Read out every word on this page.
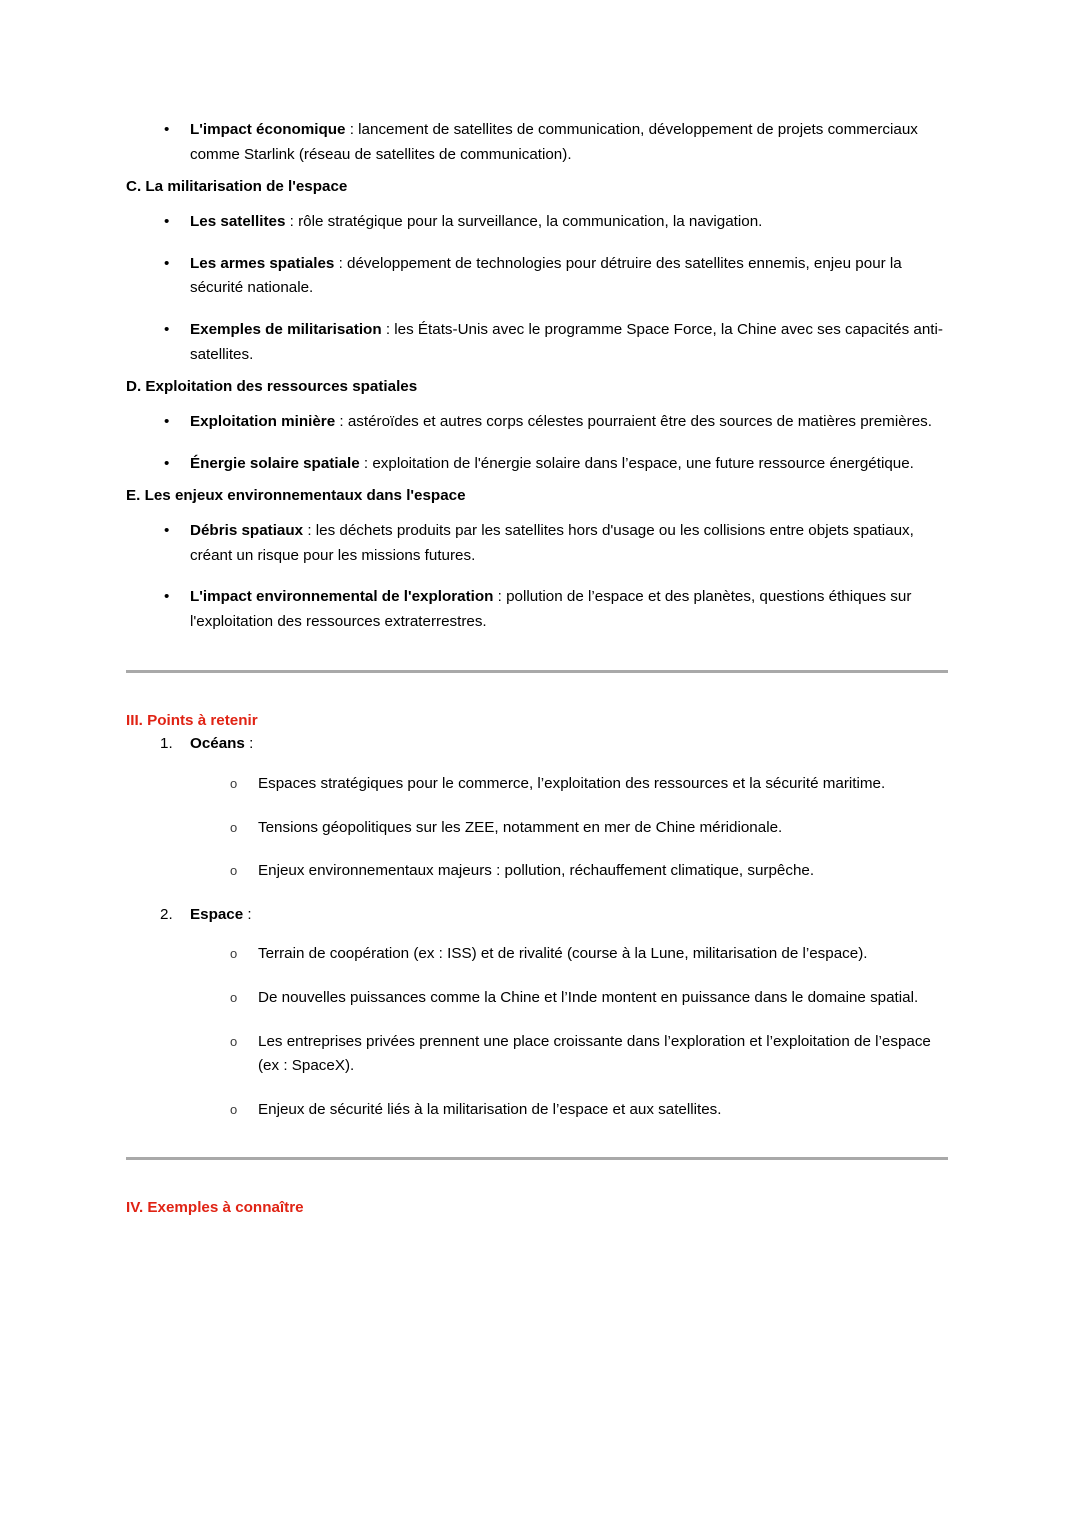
• L'impact économique : lancement de satellites de communication, développement de projets commerciaux comme Starlink (réseau de satellites de communication).
C. La militarisation de l'espace
• Les satellites : rôle stratégique pour la surveillance, la communication, la navigation.
• Les armes spatiales : développement de technologies pour détruire des satellites ennemis, enjeu pour la sécurité nationale.
• Exemples de militarisation : les États-Unis avec le programme Space Force, la Chine avec ses capacités anti-satellites.
D. Exploitation des ressources spatiales
• Exploitation minière : astéroïdes et autres corps célestes pourraient être des sources de matières premières.
• Énergie solaire spatiale : exploitation de l'énergie solaire dans l’espace, une future ressource énergétique.
E. Les enjeux environnementaux dans l'espace
• Débris spatiaux : les déchets produits par les satellites hors d'usage ou les collisions entre objets spatiaux, créant un risque pour les missions futures.
• L'impact environnemental de l'exploration : pollution de l’espace et des planètes, questions éthiques sur l'exploitation des ressources extraterrestres.
III. Points à retenir
1. Océans :
o Espaces stratégiques pour le commerce, l’exploitation des ressources et la sécurité maritime.
o Tensions géopolitiques sur les ZEE, notamment en mer de Chine méridionale.
o Enjeux environnementaux majeurs : pollution, réchauffement climatique, surpêche.
2. Espace :
o Terrain de coopération (ex : ISS) et de rivalité (course à la Lune, militarisation de l’espace).
o De nouvelles puissances comme la Chine et l’Inde montent en puissance dans le domaine spatial.
o Les entreprises privées prennent une place croissante dans l’exploration et l’exploitation de l’espace (ex : SpaceX).
o Enjeux de sécurité liés à la militarisation de l’espace et aux satellites.
IV. Exemples à connaître
